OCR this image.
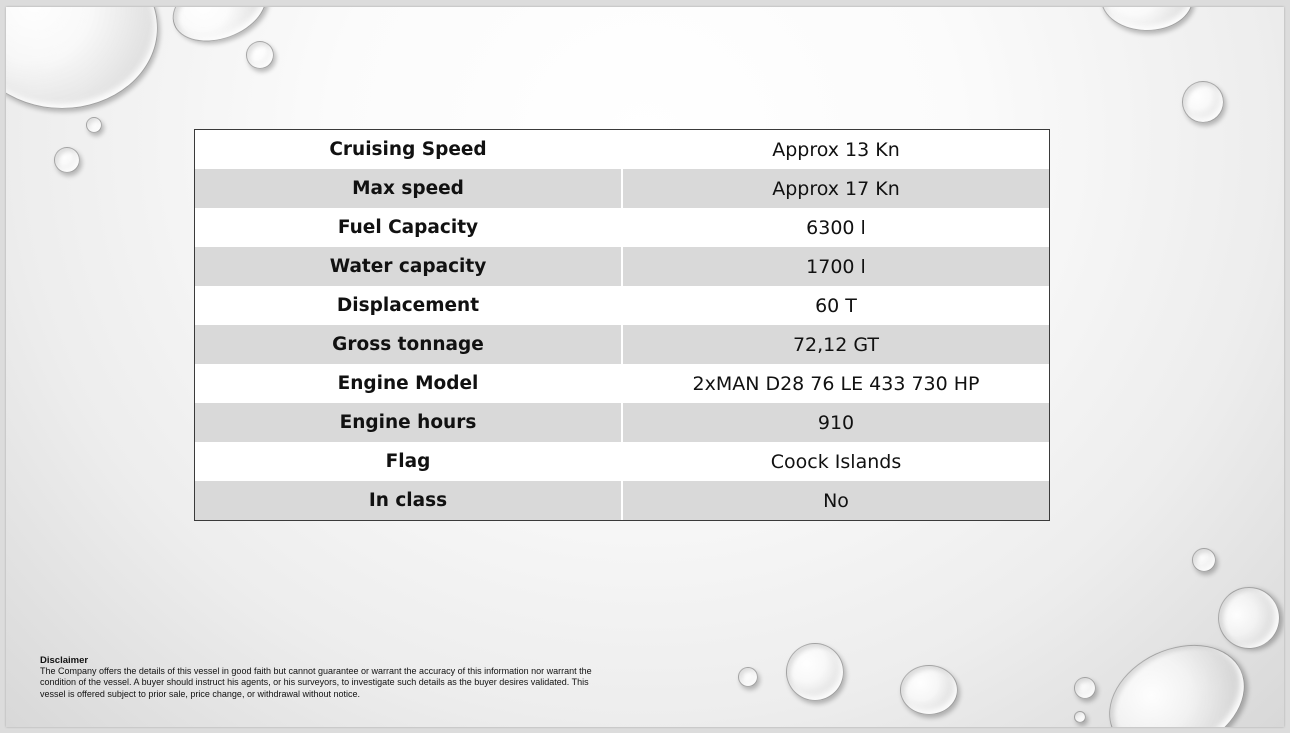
Cruising Speed	Approx 13 Kn
Max speed	Approx 17 Kn
Fuel Capacity	6300 l
Water capacity	1700 l
Displacement	60 T
Gross tonnage	72,12 GT
Engine Model	2xMAN D28 76 LE 433 730 HP
Engine hours	910
Flag	Coock Islands
In class	No
Disclaimer
The Company offers the details of this vessel in good faith but cannot guarantee or warrant the accuracy of this information nor warrant the condition of the vessel. A buyer should instruct his agents, or his surveyors, to investigate such details as the buyer desires validated. This vessel is offered subject to prior sale, price change, or withdrawal without notice.
